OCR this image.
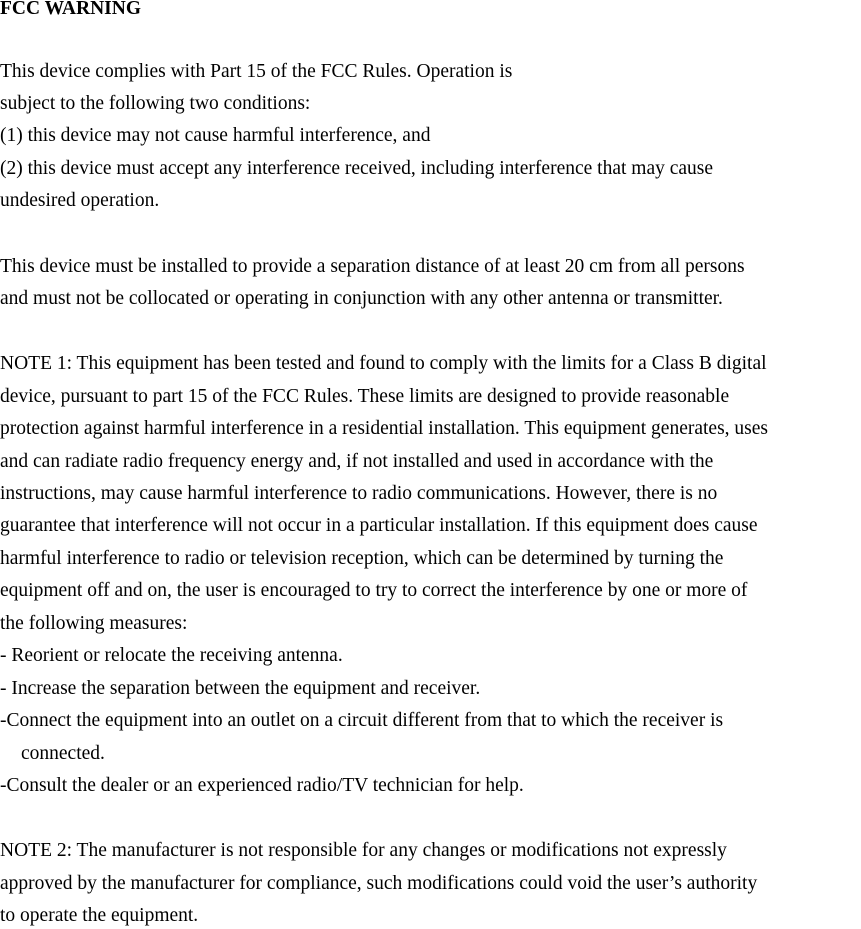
FCC WARNING
This device complies with Part 15 of the FCC Rules. Operation is
subject to the following two conditions:
(1) this device may not cause harmful interference, and
(2) this device must accept any interference received, including interference that may cause
undesired operation.
This device must be installed to provide a separation distance of at least 20 cm from all persons
and must not be collocated or operating in conjunction with any other antenna or transmitter.
NOTE 1: This equipment has been tested and found to comply with the limits for a Class B digital
device, pursuant to part 15 of the FCC Rules. These limits are designed to provide reasonable
protection against harmful interference in a residential installation. This equipment generates, uses
and can radiate radio frequency energy and, if not installed and used in accordance with the
instructions, may cause harmful interference to radio communications. However, there is no
guarantee that interference will not occur in a particular installation. If this equipment does cause
harmful interference to radio or television reception, which can be determined by turning the
equipment off and on, the user is encouraged to try to correct the interference by one or more of
the following measures:
- Reorient or relocate the receiving antenna.
- Increase the separation between the equipment and receiver.
-Connect the equipment into an outlet on a circuit different from that to which the receiver is
connected.
-Consult the dealer or an experienced radio/TV technician for help.
NOTE 2: The manufacturer is not responsible for any changes or modifications not expressly
approved by the manufacturer for compliance, such modifications could void the user’s authority
to operate the equipment.
